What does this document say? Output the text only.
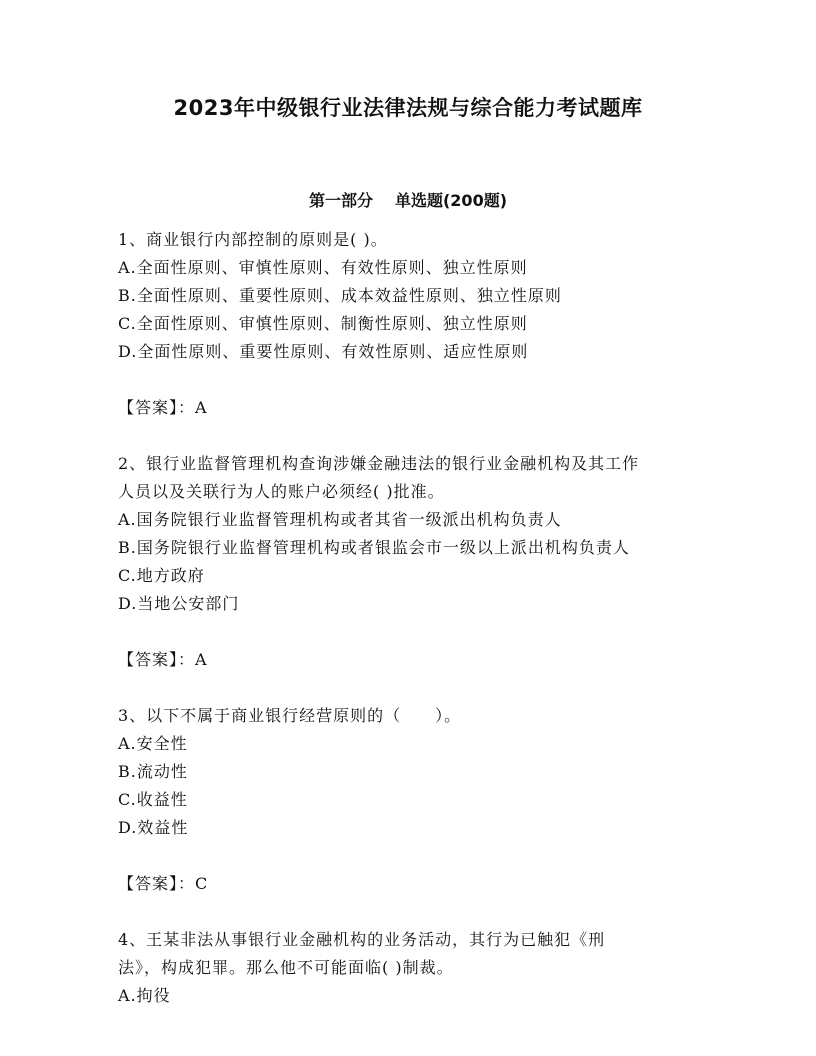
2023年中级银行业法律法规与综合能力考试题库
第一部分 单选题(200题)
1、商业银行内部控制的原则是( )。
A.全面性原则、审慎性原则、有效性原则、独立性原则
B.全面性原则、重要性原则、成本效益性原则、独立性原则
C.全面性原则、审慎性原则、制衡性原则、独立性原则
D.全面性原则、重要性原则、有效性原则、适应性原则
【答案】：A
2、银行业监督管理机构查询涉嫌金融违法的银行业金融机构及其工作
人员以及关联行为人的账户必须经( )批准。
A.国务院银行业监督管理机构或者其省一级派出机构负责人
B.国务院银行业监督管理机构或者银监会市一级以上派出机构负责人
C.地方政府
D.当地公安部门
【答案】：A
3、以下不属于商业银行经营原则的（　　）。
A.安全性
B.流动性
C.收益性
D.效益性
【答案】：C
4、王某非法从事银行业金融机构的业务活动，其行为已触犯《刑
法》，构成犯罪。那么他不可能面临( )制裁。
A.拘役
